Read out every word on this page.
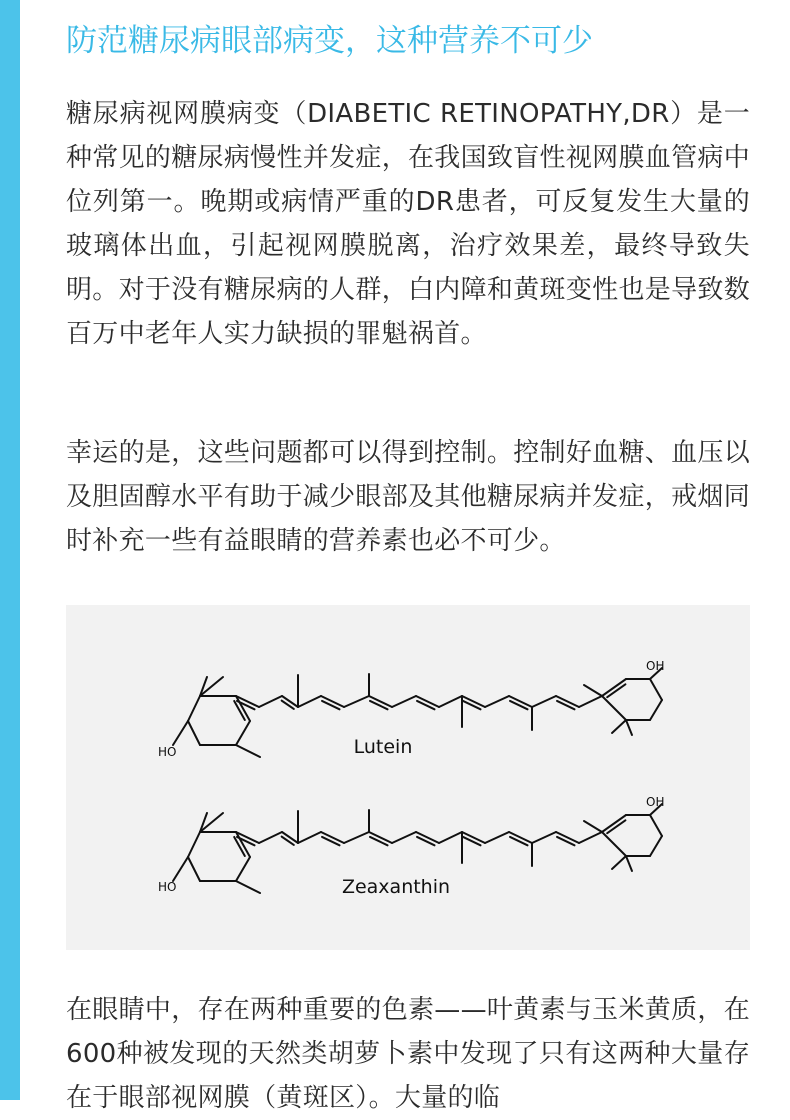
防范糖尿病眼部病变，这种营养不可少

糖尿病视网膜病变（DIABETIC RETINOPATHY,DR）是一种常见的糖尿病慢性并发症，在我国致盲性视网膜血管病中位列第一。晚期或病情严重的DR患者，可反复发生大量的玻璃体出血，引起视网膜脱离，治疗效果差，最终导致失明。对于没有糖尿病的人群，白内障和黄斑变性也是导致数百万中老年人实力缺损的罪魁祸首。

幸运的是，这些问题都可以得到控制。控制好血糖、血压以及胆固醇水平有助于减少眼部及其他糖尿病并发症，戒烟同时补充一些有益眼睛的营养素也必不可少。

Lutein
Zeaxanthin
HO
OH
HO
OH

在眼睛中，存在两种重要的色素——叶黄素与玉米黄质，在600种被发现的天然类胡萝卜素中发现了只有这两种大量存在于眼部视网膜（黄斑区）。大量的临
